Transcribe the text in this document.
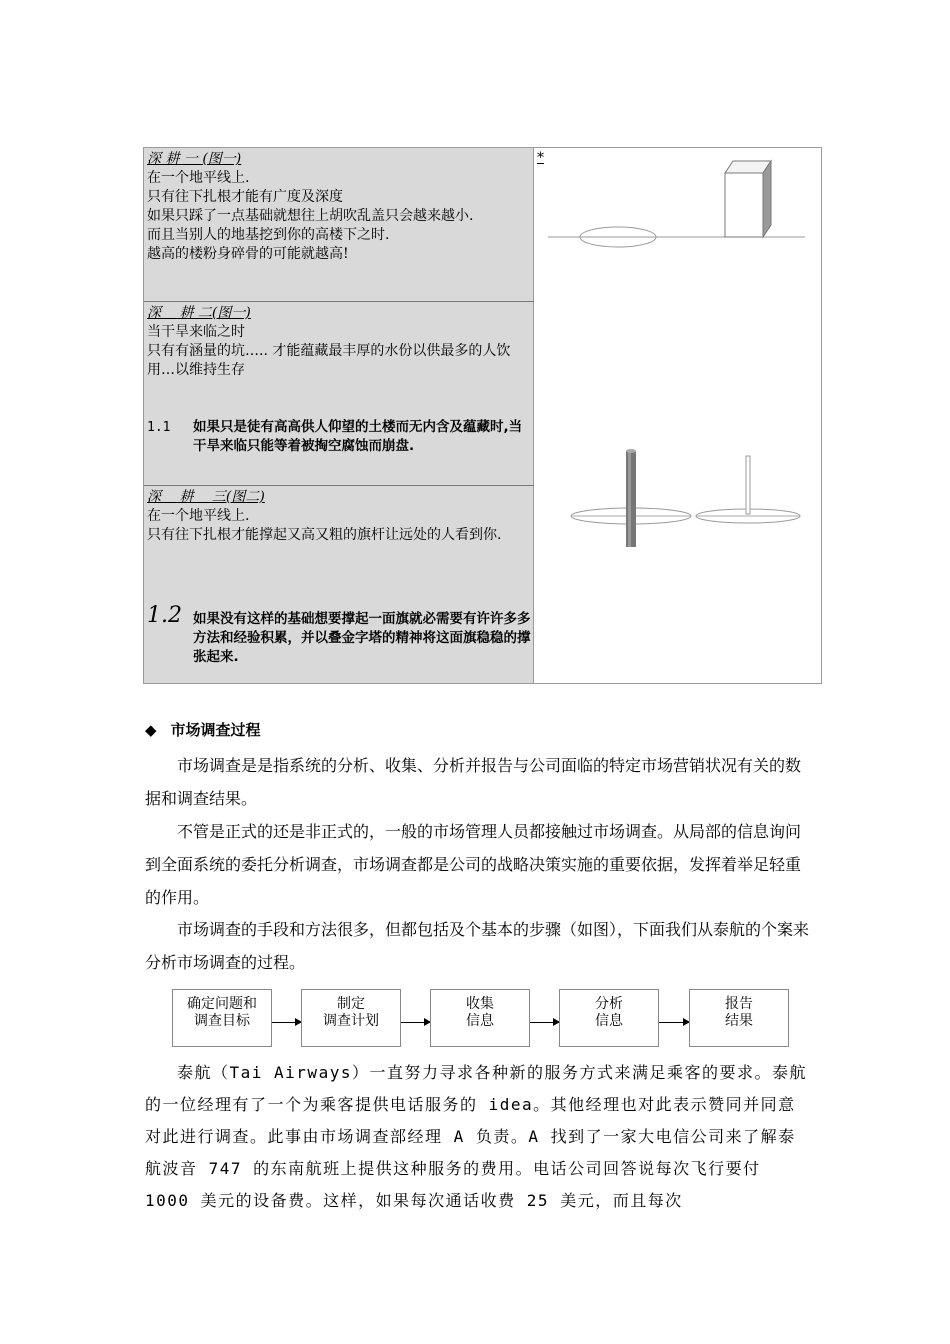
深 耕 一 (图一)

在一个地平线上.

只有往下扎根才能有广度及深度

如果只踩了一点基础就想往上胡吹乱盖只会越来越小.

而且当别人的地基挖到你的高楼下之时.

越高的楼粉身碎骨的可能就越高!

深　 耕 二(图一)

当干旱来临之时

只有有涵量的坑….. 才能蕴藏最丰厚的水份以供最多的人饮用…以维持生存

1.1 如果只是徒有高高供人仰望的土楼而无内含及蕴藏时,当干旱来临只能等着被掏空腐蚀而崩盘.

深　 耕　 三(图二)

在一个地平线上.

只有往下扎根才能撑起又高又粗的旗杆让远处的人看到你.

1.2 如果没有这样的基础想要撑起一面旗就必需要有许许多多方法和经验积累，并以叠金字塔的精神将这面旗稳稳的撑张起来.
*
◆ 市场调查过程

市场调查是是指系统的分析、收集、分析并报告与公司面临的特定市场营销状况有关的数据和调查结果。

不管是正式的还是非正式的，一般的市场管理人员都接触过市场调查。从局部的信息询问到全面系统的委托分析调查，市场调查都是公司的战略决策实施的重要依据，发挥着举足轻重的作用。

市场调查的手段和方法很多，但都包括及个基本的步骤（如图），下面我们从泰航的个案来分析市场调查的过程。

确定问题和调查目标
制定
调查计划
收集
信息
分析
信息
报告
结果

泰航（Tai Airways）一直努力寻求各种新的服务方式来满足乘客的要求。泰航的一位经理有了一个为乘客提供电话服务的 idea。其他经理也对此表示赞同并同意对此进行调查。此事由市场调查部经理 A 负责。A 找到了一家大电信公司来了解泰航波音 747 的东南航班上提供这种服务的费用。电话公司回答说每次飞行要付 1000 美元的设备费。这样，如果每次通话收费 25 美元，而且每次
